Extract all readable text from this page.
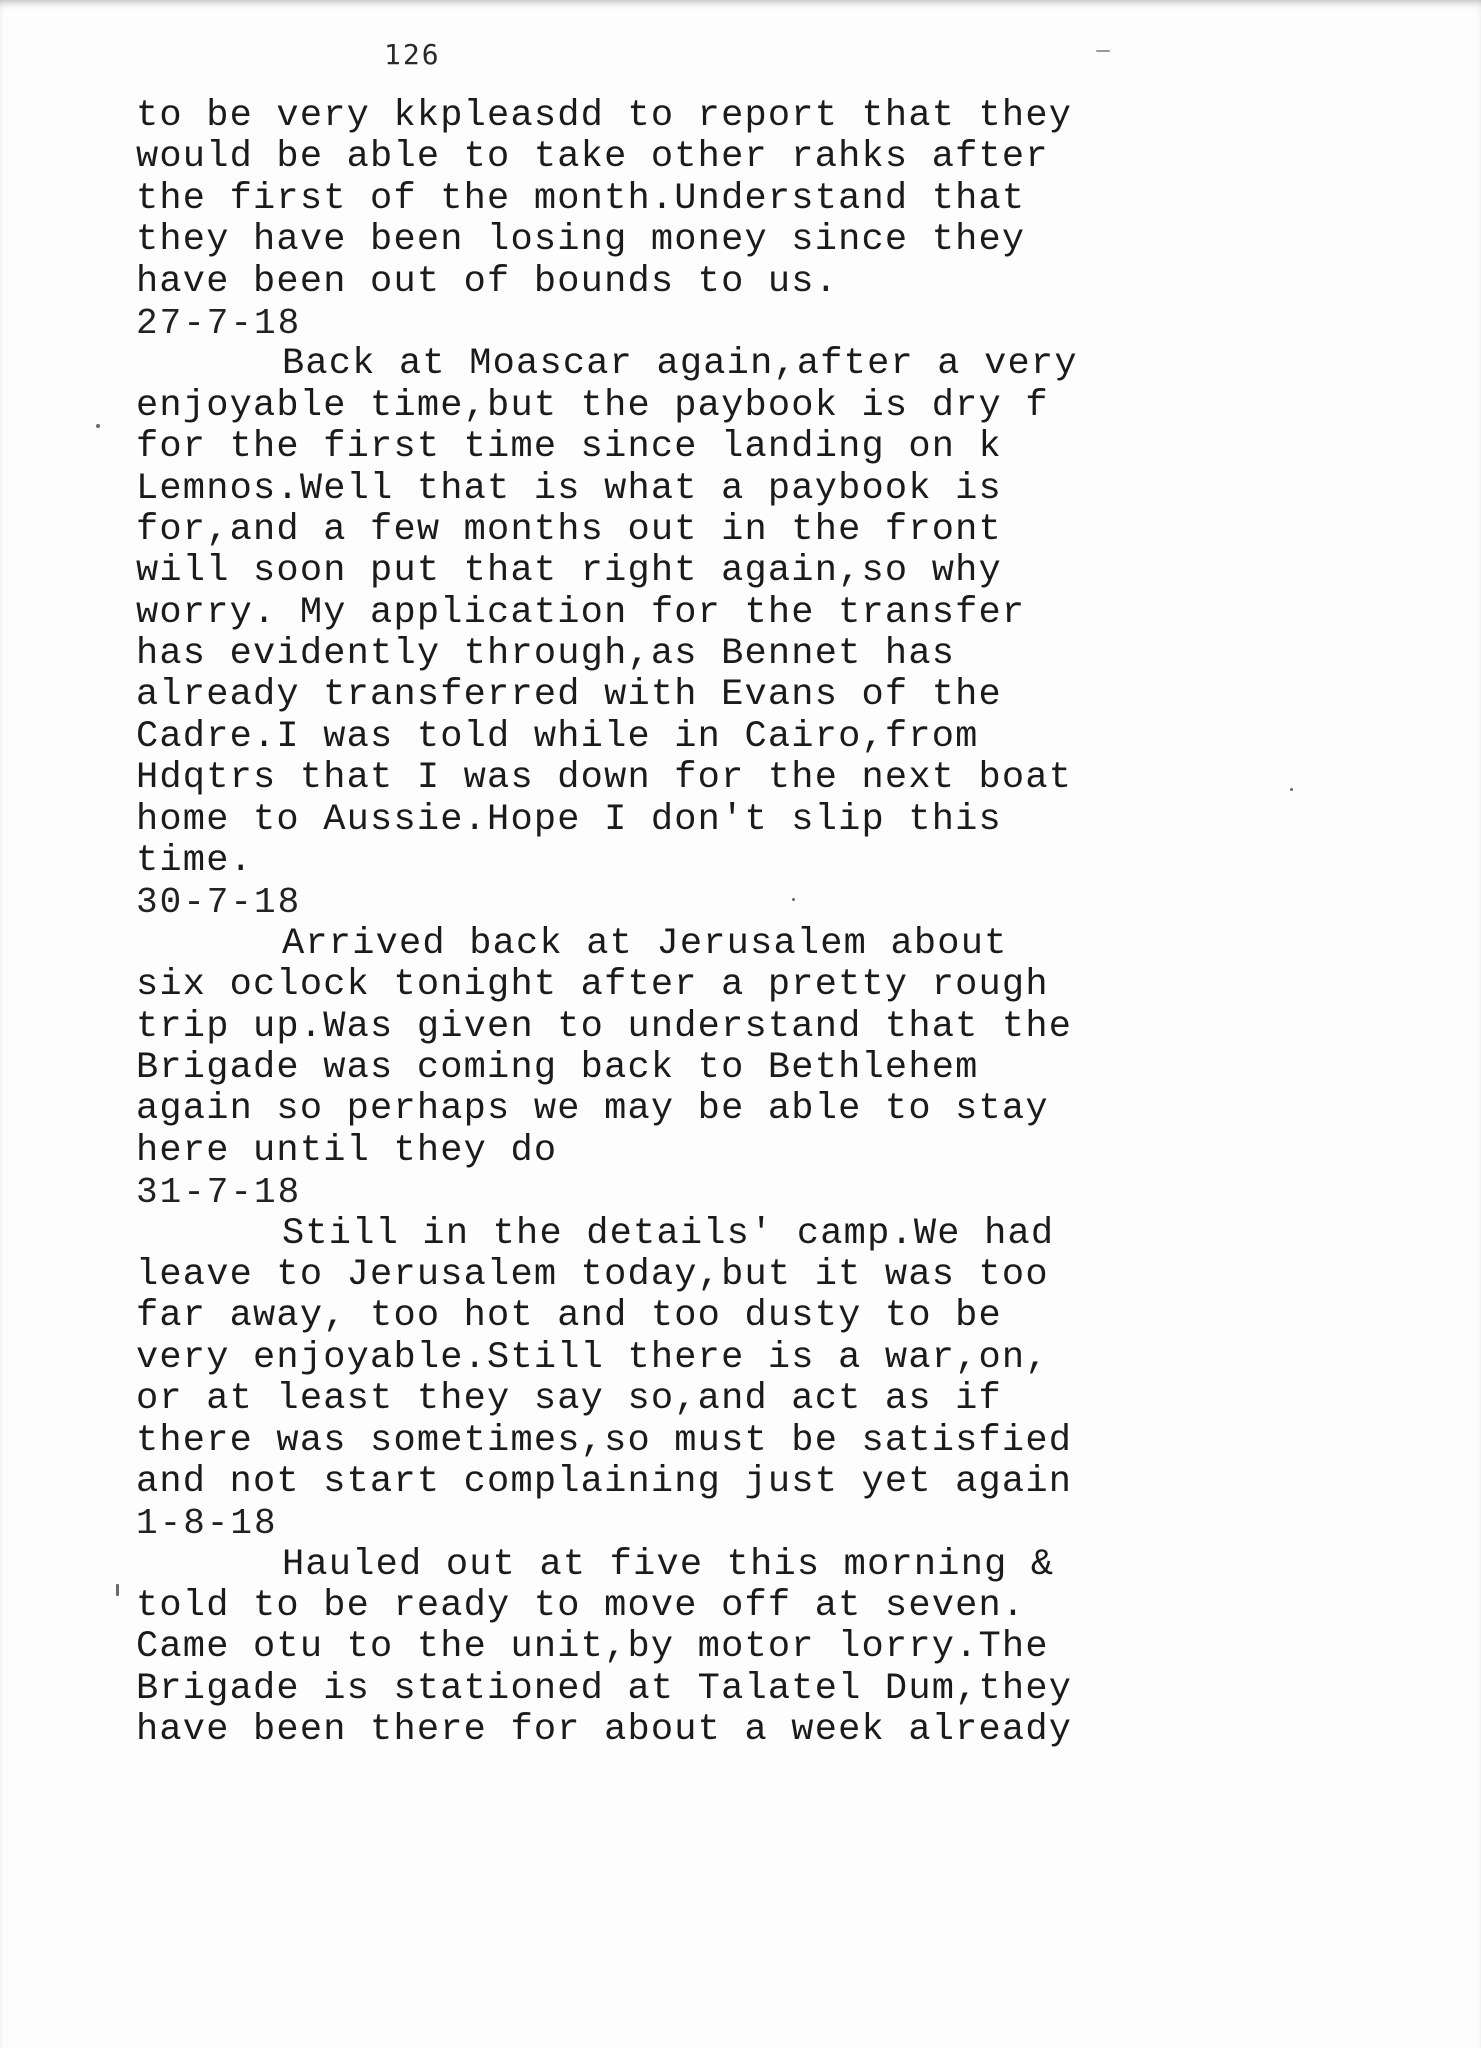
126
to be very kkpleasdd to report that they
would be able to take other rahks after
the first of the month.Understand that
they have been losing money since they
have been out of bounds to us.
27-7-18
Back at Moascar again,after a very
enjoyable time,but the paybook is dry f
for the first time since landing on k
Lemnos.Well that is what a paybook is
for,and a few months out in the front
will soon put that right again,so why
worry. My application for the transfer
has evidently through,as Bennet has
already transferred with Evans of the
Cadre.I was told while in Cairo,from
Hdqtrs that I was down for the next boat
home to Aussie.Hope I don't slip this
time.
30-7-18
Arrived back at Jerusalem about
six oclock tonight after a pretty rough
trip up.Was given to understand that the
Brigade was coming back to Bethlehem
again so perhaps we may be able to stay
here until they do
31-7-18
Still in the details' camp.We had
leave to Jerusalem today,but it was too
far away, too hot and too dusty to be
very enjoyable.Still there is a war,on,
or at least they say so,and act as if
there was sometimes,so must be satisfied
and not start complaining just yet again
1-8-18
Hauled out at five this morning &
told to be ready to move off at seven.
Came otu to the unit,by motor lorry.The
Brigade is stationed at Talatel Dum,they
have been there for about a week already
